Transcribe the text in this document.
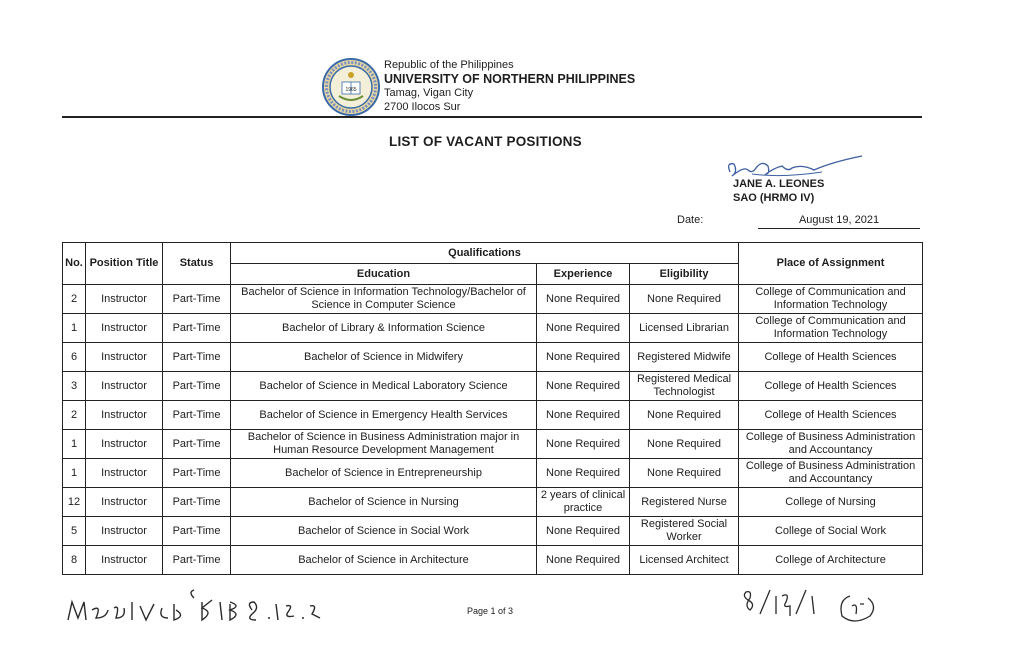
1965
Republic of the Philippines
UNIVERSITY OF NORTHERN PHILIPPINES
Tamag, Vigan City
2700 Ilocos Sur
LIST OF VACANT POSITIONS
JANE A. LEONES
SAO (HRMO IV)
Date:	August 19, 2021
No.	Position Title	Status	Qualifications			Place of Assignment
			Education	Experience	Eligibility	
2	Instructor	Part-Time	Bachelor of Science in Information Technology/Bachelor of Science in Computer Science	None Required	None Required	College of Communication and Information Technology
1	Instructor	Part-Time	Bachelor of Library & Information Science	None Required	Licensed Librarian	College of Communication and Information Technology
6	Instructor	Part-Time	Bachelor of Science in Midwifery	None Required	Registered Midwife	College of Health Sciences
3	Instructor	Part-Time	Bachelor of Science in Medical Laboratory Science	None Required	Registered Medical Technologist	College of Health Sciences
2	Instructor	Part-Time	Bachelor of Science in Emergency Health Services	None Required	None Required	College of Health Sciences
1	Instructor	Part-Time	Bachelor of Science in Business Administration major in Human Resource Development Management	None Required	None Required	College of Business Administration and Accountancy
1	Instructor	Part-Time	Bachelor of Science in Entrepreneurship	None Required	None Required	College of Business Administration and Accountancy
12	Instructor	Part-Time	Bachelor of Science in Nursing	2 years of clinical practice	Registered Nurse	College of Nursing
5	Instructor	Part-Time	Bachelor of Science in Social Work	None Required	Registered Social Worker	College of Social Work
8	Instructor	Part-Time	Bachelor of Science in Architecture	None Required	Licensed Architect	College of Architecture
Page 1 of 3
